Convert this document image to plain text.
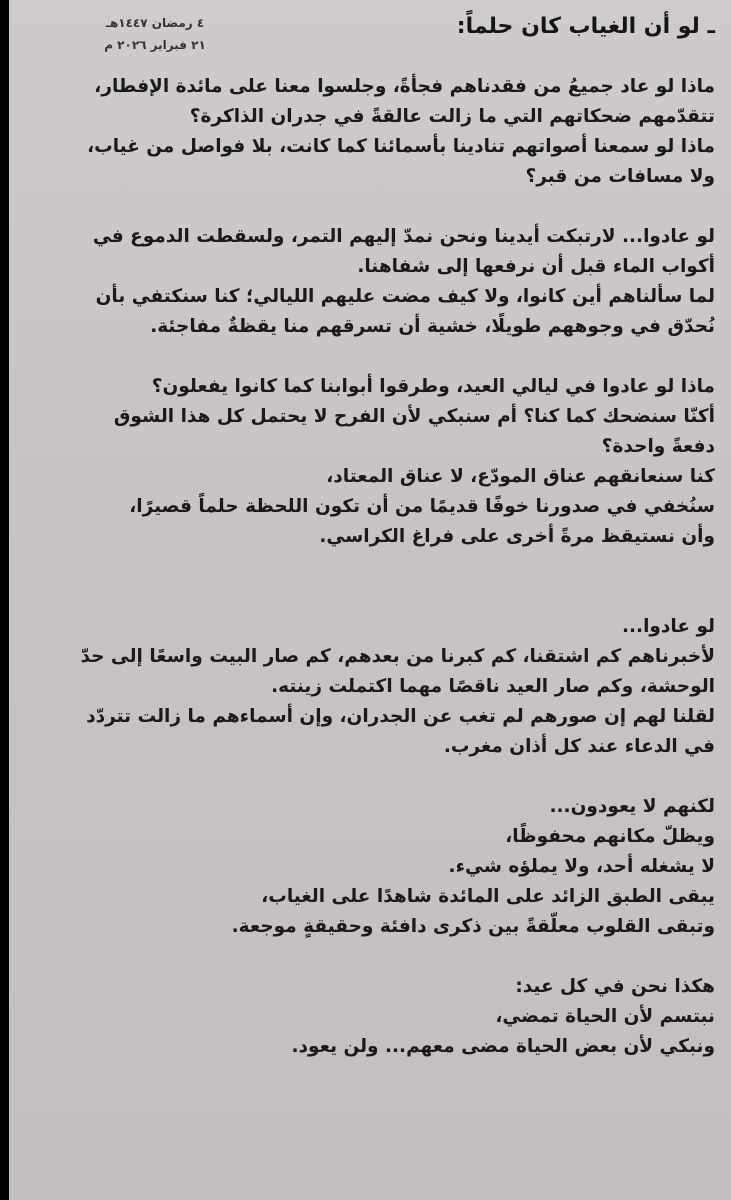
ـ لو أن الغياب كان حلماً:
٤ رمضان ١٤٤٧هـ
٢١ فبراير ٢٠٢٦ م
ماذا لو عاد جميعُ من فقدناهم فجأةً، وجلسوا معنا على مائدة الإفطار،
تتقدّمهم ضحكاتهم التي ما زالت عالقةً في جدران الذاكرة؟
ماذا لو سمعنا أصواتهم تنادينا بأسمائنا كما كانت، بلا فواصل من غياب،
ولا مسافات من قبر؟
لو عادوا... لارتبكت أيدينا ونحن نمدّ إليهم التمر، ولسقطت الدموع في
أكواب الماء قبل أن نرفعها إلى شفاهنا.
لما سألناهم أين كانوا، ولا كيف مضت عليهم الليالي؛ كنا سنكتفي بأن
نُحدّق في وجوههم طويلًا، خشية أن تسرقهم منا يقظةٌ مفاجئة.
ماذا لو عادوا في ليالي العيد، وطرقوا أبوابنا كما كانوا يفعلون؟
أكنّا سنضحك كما كنا؟ أم سنبكي لأن الفرح لا يحتمل كل هذا الشوق
دفعةً واحدة؟
كنا سنعانقهم عناق المودّع، لا عناق المعتاد،
سنُخفي في صدورنا خوفًا قديمًا من أن تكون اللحظة حلماً قصيرًا،
وأن نستيقظ مرةً أخرى على فراغ الكراسي.
لو عادوا...
لأخبرناهم كم اشتقنا، كم كبرنا من بعدهم، كم صار البيت واسعًا إلى حدّ
الوحشة، وكم صار العيد ناقصًا مهما اكتملت زينته.
لقلنا لهم إن صورهم لم تغب عن الجدران، وإن أسماءهم ما زالت تتردّد
في الدعاء عند كل أذان مغرب.
لكنهم لا يعودون...
ويظلّ مكانهم محفوظًا،
لا يشغله أحد، ولا يملؤه شيء.
يبقى الطبق الزائد على المائدة شاهدًا على الغياب،
وتبقى القلوب معلّقةً بين ذكرى دافئة وحقيقةٍ موجعة.
هكذا نحن في كل عيد:
نبتسم لأن الحياة تمضي،
ونبكي لأن بعض الحياة مضى معهم... ولن يعود.
